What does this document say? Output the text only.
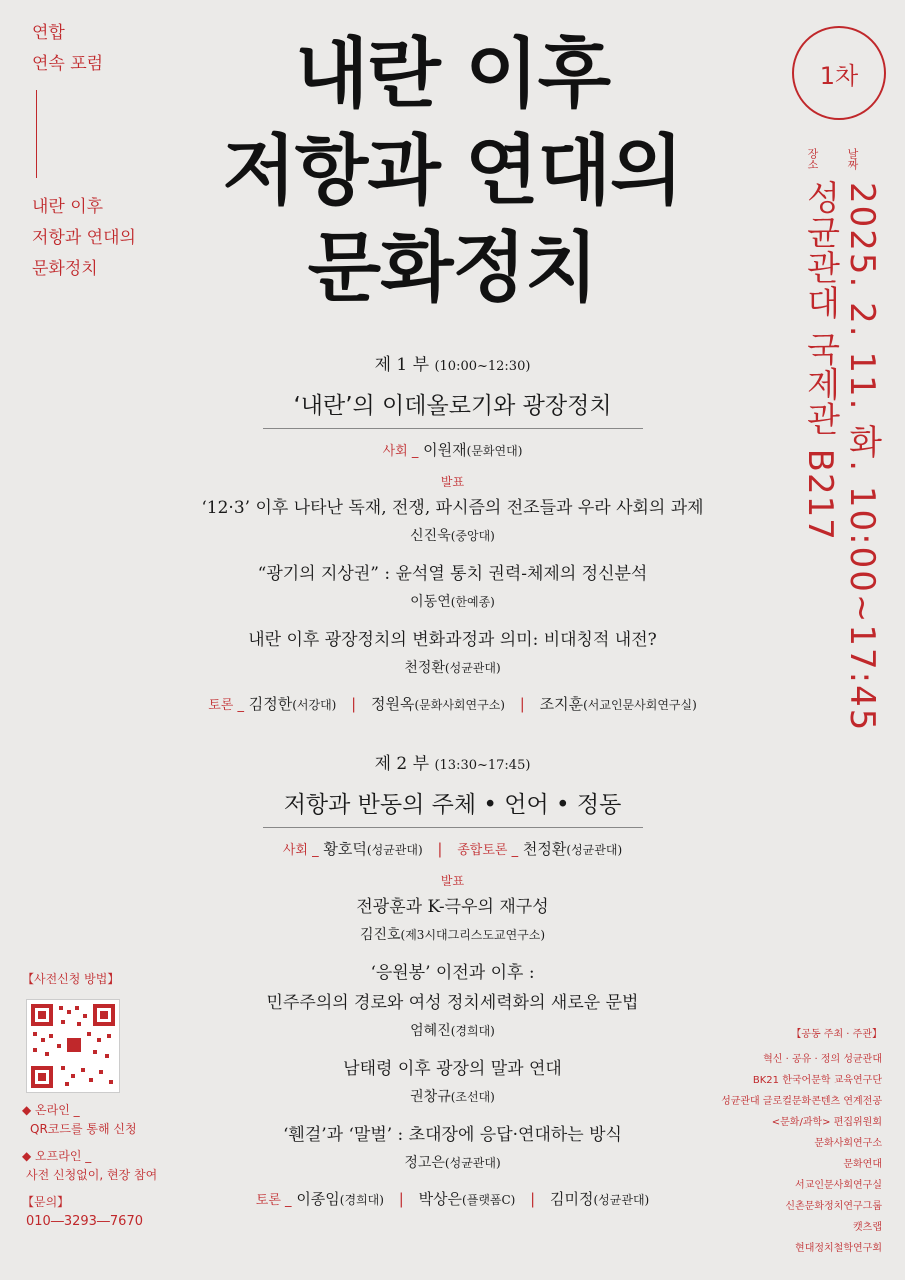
연합
연속 포럼
내란 이후
저항과 연대의
문화정치
내란 이후
저항과 연대의
문화정치
1차
날짜
2025. 2. 11. 화. 10:00~17:45
장소
성균관대 국제관 B217
제 1 부 (10:00~12:30)
‘내란’의 이데올로기와 광장정치
사회 _ 이원재(문화연대)
발표
‘12·3’ 이후 나타난 독재, 전쟁, 파시즘의 전조들과 우라 사회의 과제
신진욱(중앙대)
“광기의 지상권” : 윤석열 통치 권력-체제의 정신분석
이동연(한예종)
내란 이후 광장정치의 변화과정과 의미: 비대칭적 내전?
천정환(성균관대)
토론 _ 김정한(서강대) | 정원옥(문화사회연구소) | 조지훈(서교인문사회연구실)
제 2 부 (13:30~17:45)
저항과 반동의 주체 • 언어 • 정동
사회 _ 황호덕(성균관대) | 종합토론 _ 천정환(성균관대)
발표
전광훈과 K-극우의 재구성
김진호(제3시대그리스도교연구소)
‘응원봉’ 이전과 이후 :
민주주의의 경로와 여성 정치세력화의 새로운 문법
엄혜진(경희대)
남태령 이후 광장의 말과 연대
권창규(조선대)
‘휀걸’과 ‘말벌’ : 초대장에 응답·연대하는 방식
정고은(성균관대)
토론 _ 이종임(경희대) | 박상은(플랫폼C) | 김미정(성균관대)
【사전신청 방법】
◆ 온라인 _
QR코드를 통해 신청
◆ 오프라인 _
사전 신청없이, 현장 참여
【문의】
010―3293―7670
【공동 주최 · 주관】
혁신 · 공유 · 정의 성균관대
BK21 한국어문학 교육연구단
성균관대 글로컬문화콘텐츠 연계전공
<문화/과학> 편집위원회
문화사회연구소
문화연대
서교인문사회연구실
신촌문화정치연구그룹
캣츠랩
현대정치철학연구회
